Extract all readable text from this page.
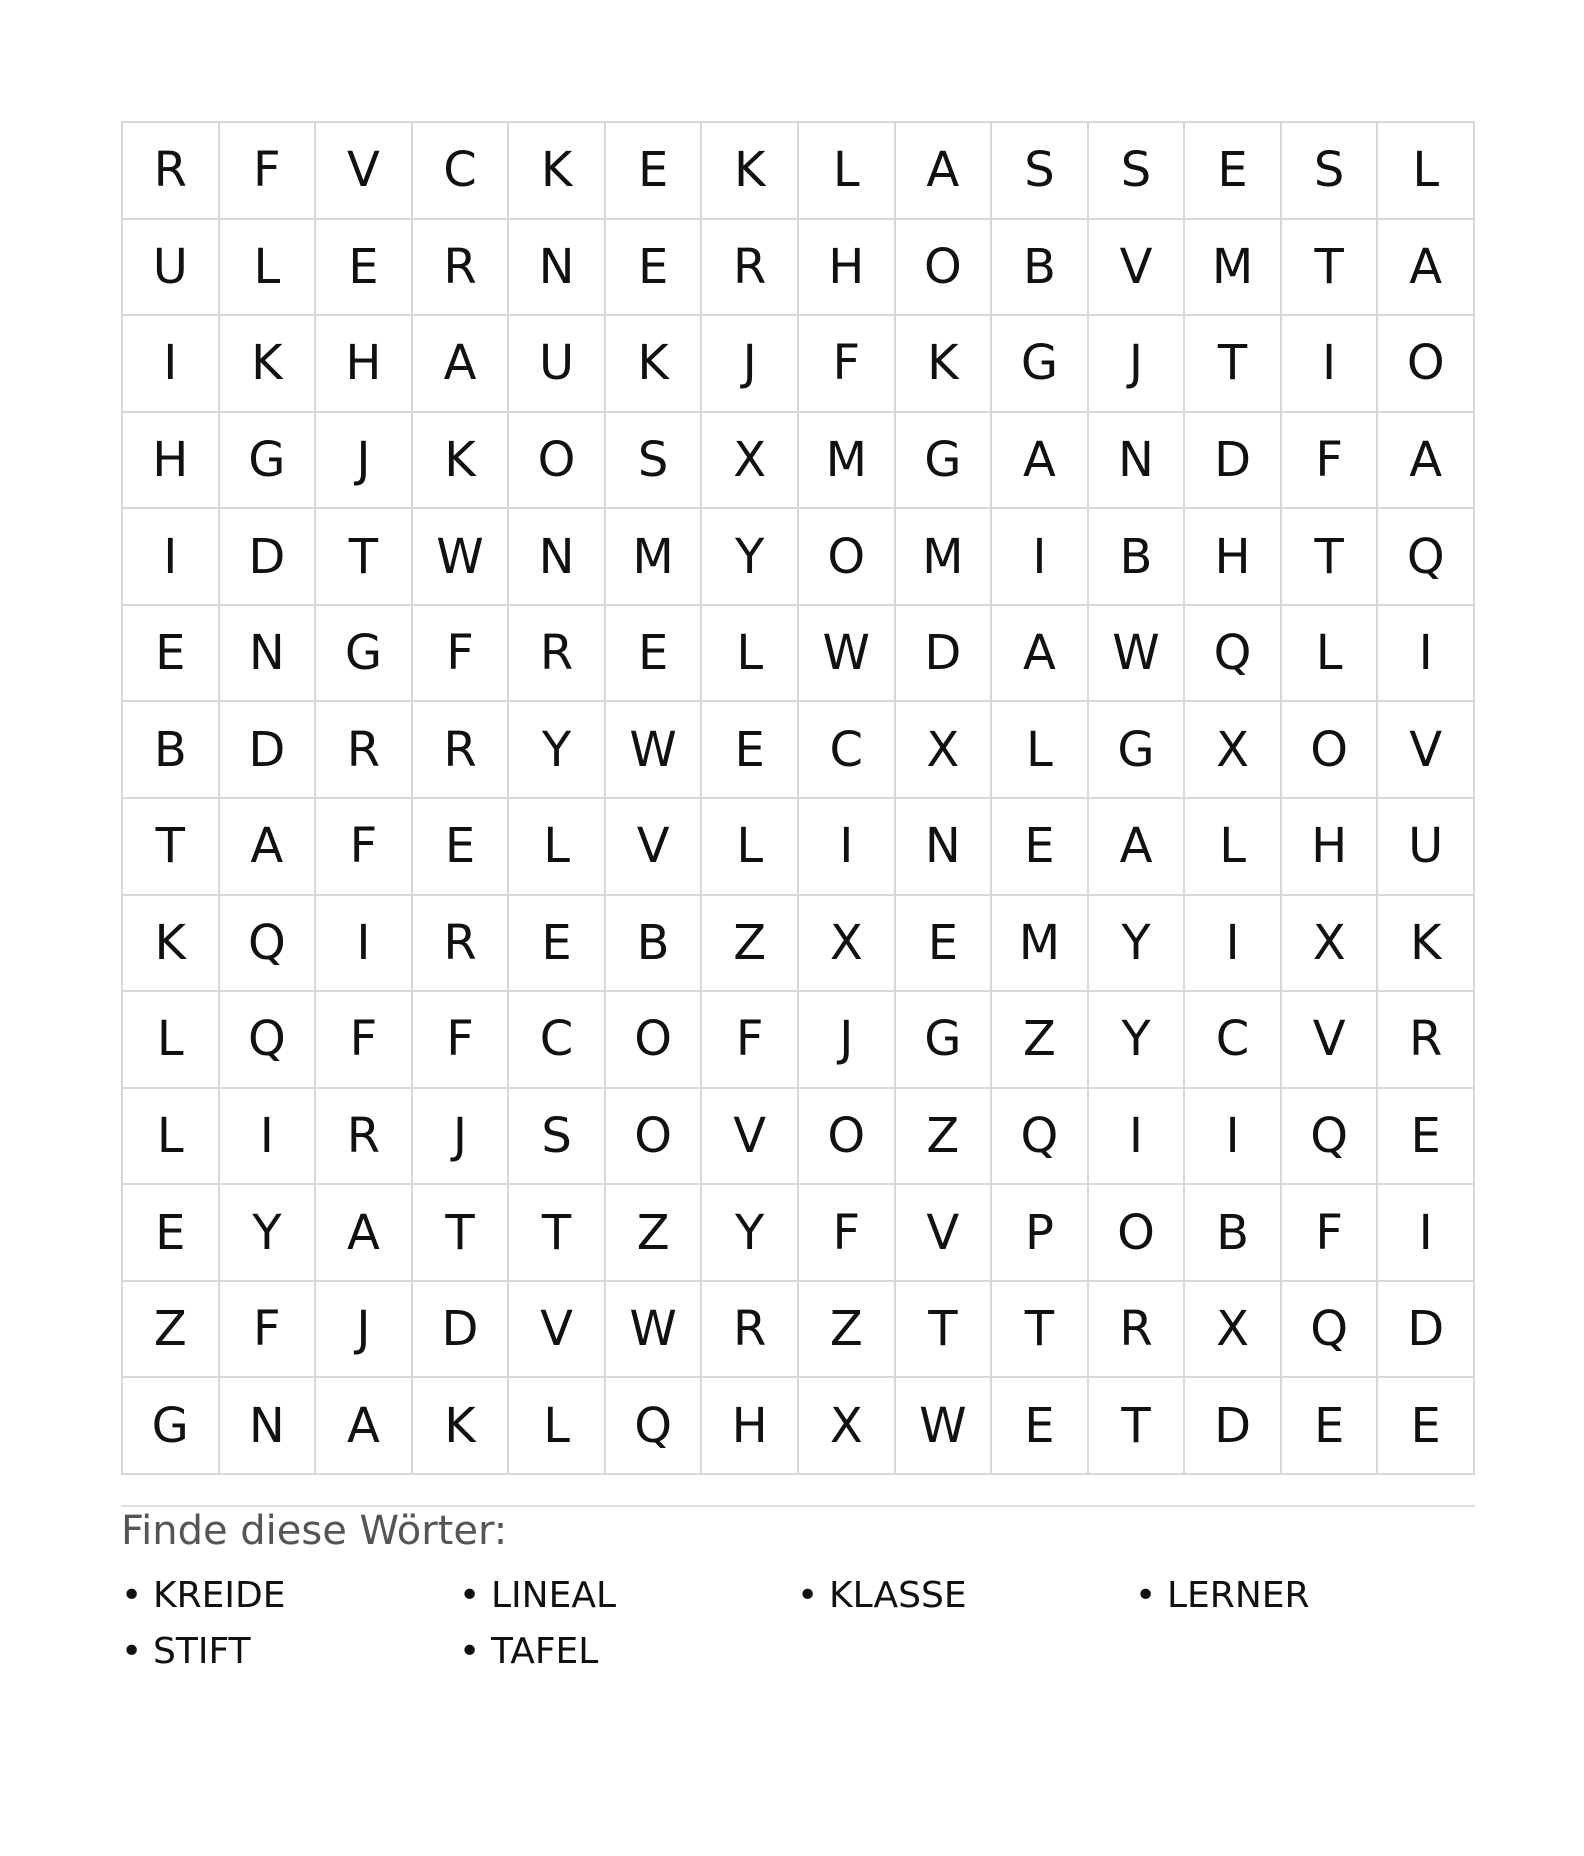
R	F	V	C	K	E	K	L	A	S	S	E	S	L
U	L	E	R	N	E	R	H	O	B	V	M	T	A
I	K	H	A	U	K	J	F	K	G	J	T	I	O
H	G	J	K	O	S	X	M	G	A	N	D	F	A
I	D	T	W	N	M	Y	O	M	I	B	H	T	Q
E	N	G	F	R	E	L	W	D	A	W	Q	L	I
B	D	R	R	Y	W	E	C	X	L	G	X	O	V
T	A	F	E	L	V	L	I	N	E	A	L	H	U
K	Q	I	R	E	B	Z	X	E	M	Y	I	X	K
L	Q	F	F	C	O	F	J	G	Z	Y	C	V	R
L	I	R	J	S	O	V	O	Z	Q	I	I	Q	E
E	Y	A	T	T	Z	Y	F	V	P	O	B	F	I
Z	F	J	D	V	W	R	Z	T	T	R	X	Q	D
G	N	A	K	L	Q	H	X	W	E	T	D	E	E
Finde diese Wörter:
• KREIDE	• LINEAL	• KLASSE	• LERNER
• STIFT	• TAFEL
